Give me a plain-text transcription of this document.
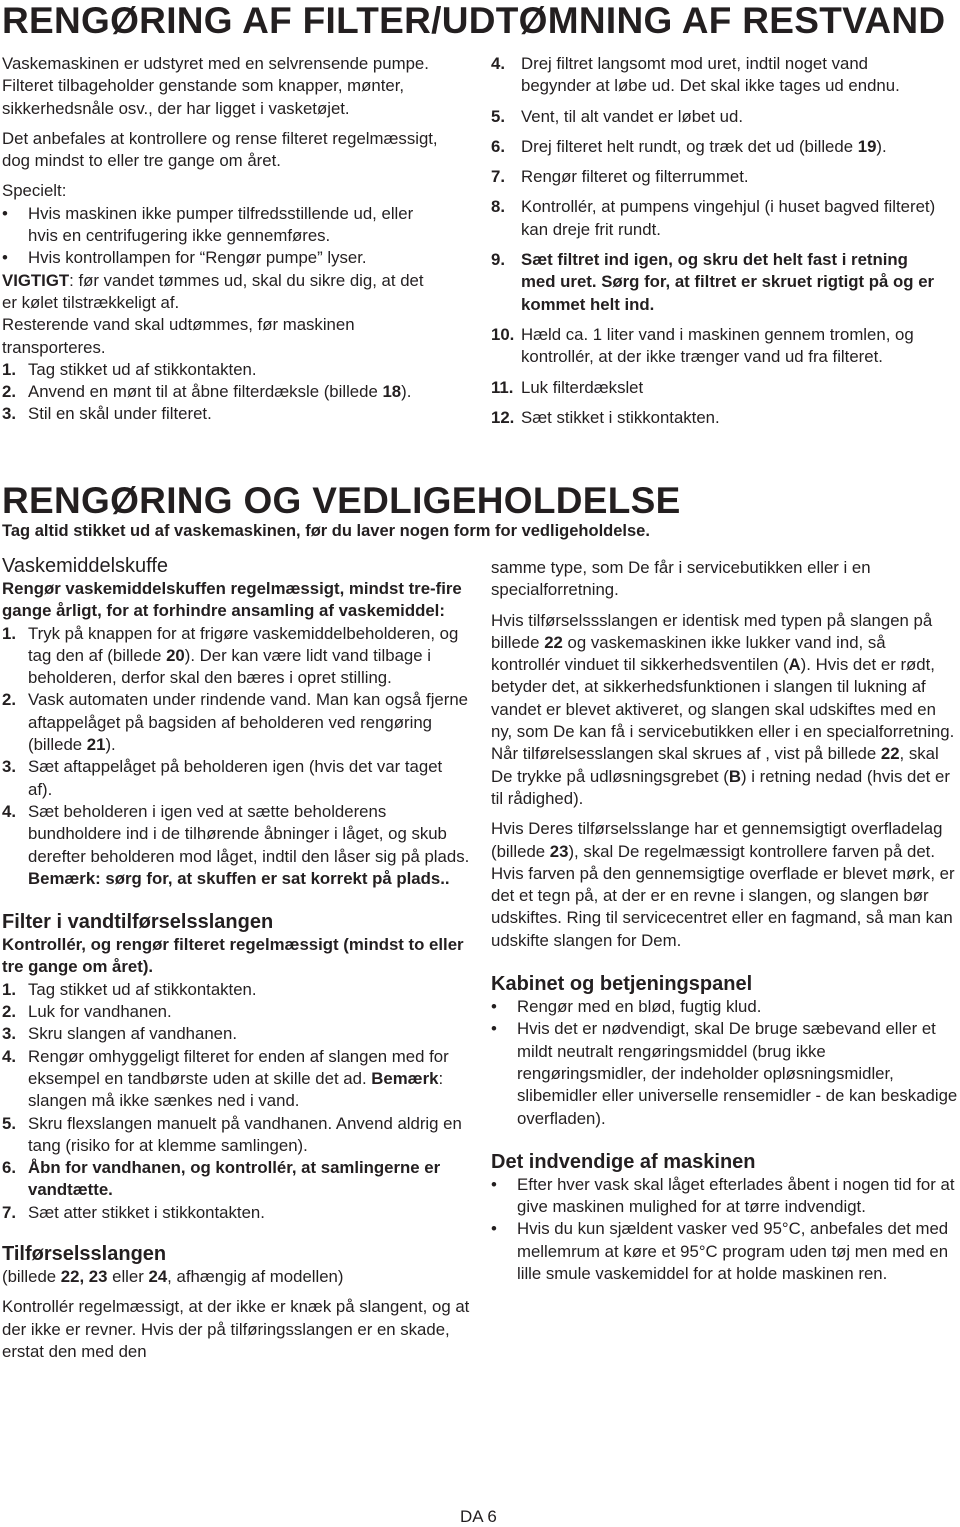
RENGØRING AF FILTER/UDTØMNING AF RESTVAND

Vaskemaskinen er udstyret med en selvrensende pumpe. Filteret tilbageholder genstande som knapper, mønter, sikkerhedsnåle osv., der har ligget i vasketøjet.

Det anbefales at kontrollere og rense filteret regelmæssigt, dog mindst to eller tre gange om året.

Specielt:

•	Hvis maskinen ikke pumper tilfredsstillende ud, eller hvis en centrifugering ikke gennemføres.
•	Hvis kontrollampen for “Rengør pumpe” lyser.

VIGTIGT: før vandet tømmes ud, skal du sikre dig, at det er kølet tilstrækkeligt af.

Resterende vand skal udtømmes, før maskinen transporteres.

1. Tag stikket ud af stikkontakten.
2. Anvend en mønt til at åbne filterdæksle (billede 18).
3. Stil en skål under filteret.
4. Drej filtret langsomt mod uret, indtil noget vand begynder at løbe ud. Det skal ikke tages ud endnu.
5. Vent, til alt vandet er løbet ud.
6. Drej filteret helt rundt, og træk det ud (billede 19).
7. Rengør filteret og filterrummet.
8. Kontrollér, at pumpens vingehjul (i huset bagved filteret) kan dreje frit rundt.
9. Sæt filtret ind igen, og skru det helt fast i retning med uret. Sørg for, at filtret er skruet rigtigt på og er kommet helt ind.
10. Hæld ca. 1 liter vand i maskinen gennem tromlen, og kontrollér, at der ikke trænger vand ud fra filteret.
11. Luk filterdækslet
12. Sæt stikket i stikkontakten.
RENGØRING OG VEDLIGEHOLDELSE
Tag altid stikket ud af vaskemaskinen, før du laver nogen form for vedligeholdelse.
Vaskemiddelskuffe

Rengør vaskemiddelskuffen regelmæssigt, mindst tre-fire gange årligt, for at forhindre ansamling af vaskemiddel:

1. Tryk på knappen for at frigøre vaskemiddelbeholderen, og tag den af (billede 20). Der kan være lidt vand tilbage i beholderen, derfor skal den bæres i opret stilling.
2. Vask automaten under rindende vand. Man kan også fjerne aftappelåget på bagsiden af beholderen ved rengøring (billede 21).
3. Sæt aftappelåget på beholderen igen (hvis det var taget af).
4. Sæt beholderen i igen ved at sætte beholderens bundholdere ind i de tilhørende åbninger i låget, og skub derefter beholderen mod låget, indtil den låser sig på plads.
Bemærk: sørg for, at skuffen er sat korrekt på plads..
Filter i vandtilførselsslangen

Kontrollér, og rengør filteret regelmæssigt (mindst to eller tre gange om året).

1. Tag stikket ud af stikkontakten.
2. Luk for vandhanen.
3. Skru slangen af vandhanen.
4. Rengør omhyggeligt filteret for enden af slangen med for eksempel en tandbørste uden at skille det ad. Bemærk: slangen må ikke sænkes ned i vand.
5. Skru flexslangen manuelt på vandhanen. Anvend aldrig en tang (risiko for at klemme samlingen).
6. Åbn for vandhanen, og kontrollér, at samlingerne er vandtætte.
7. Sæt atter stikket i stikkontakten.
Tilførselsslangen

(billede 22, 23 eller 24, afhængig af modellen)

Kontrollér regelmæssigt, at der ikke er knæk på slangent, og at der ikke er revner. Hvis der på tilføringsslangen er en skade, erstat den med den

samme type, som De får i servicebutikken eller i en specialforretning.

Hvis tilførselssslangen er identisk med typen på slangen på billede 22 og vaskemaskinen ikke lukker vand ind, så kontrollér vinduet til sikkerhedsventilen (A). Hvis det er rødt, betyder det, at sikkerhedsfunktionen i slangen til lukning af vandet er blevet aktiveret, og slangen skal udskiftes med en ny, som De kan få i servicebutikken eller i en specialforretning. Når tilførelsesslangen skal skrues af , vist på billede 22, skal De trykke på udløsningsgrebet (B) i retning nedad (hvis det er til rådighed).

Hvis Deres tilførselsslange har et gennemsigtigt overfladelag (billede 23), skal De regelmæssigt kontrollere farven på det. Hvis farven på den gennemsigtige overflade er blevet mørk, er det et tegn på, at der er en revne i slangen, og slangen bør udskiftes. Ring til servicecentret eller en fagmand, så man kan udskifte slangen for Dem.

Kabinet og betjeningspanel
•	Rengør med en blød, fugtig klud.
•	Hvis det er nødvendigt, skal De bruge sæbevand eller et mildt neutralt rengøringsmiddel (brug ikke rengøringsmidler, der indeholder opløsningsmidler, slibemidler eller universelle rensemidler - de kan beskadige overfladen).
Det indvendige af maskinen
•	Efter hver vask skal låget efterlades åbent i nogen tid for at give maskinen mulighed for at tørre indvendigt.
•	Hvis du kun sjældent vasker ved 95°C, anbefales det med mellemrum at køre et 95°C program uden tøj men med en lille smule vaskemiddel for at holde maskinen ren.
DA 6
